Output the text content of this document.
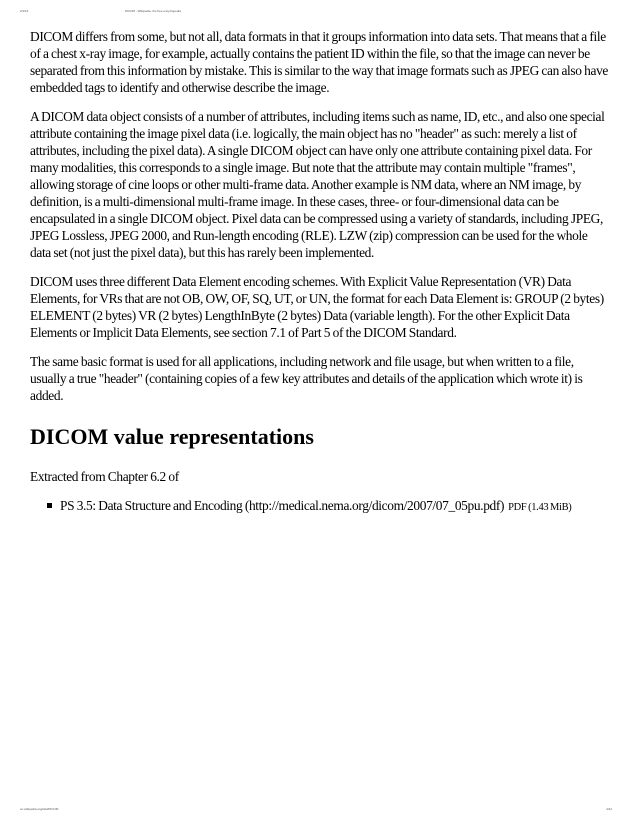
2/1/14	DICOM - Wikipedia, the free encyclopedia

DICOM differs from some, but not all, data formats in that it groups information into data sets. That means that a file of a chest x-ray image, for example, actually contains the patient ID within the file, so that the image can never be separated from this information by mistake. This is similar to the way that image formats such as JPEG can also have embedded tags to identify and otherwise describe the image.

A DICOM data object consists of a number of attributes, including items such as name, ID, etc., and also one special attribute containing the image pixel data (i.e. logically, the main object has no "header" as such: merely a list of attributes, including the pixel data). A single DICOM object can have only one attribute containing pixel data. For many modalities, this corresponds to a single image. But note that the attribute may contain multiple "frames", allowing storage of cine loops or other multi-frame data. Another example is NM data, where an NM image, by definition, is a multi-dimensional multi-frame image. In these cases, three- or four-dimensional data can be encapsulated in a single DICOM object. Pixel data can be compressed using a variety of standards, including JPEG, JPEG Lossless, JPEG 2000, and Run-length encoding (RLE). LZW (zip) compression can be used for the whole data set (not just the pixel data), but this has rarely been implemented.

DICOM uses three different Data Element encoding schemes. With Explicit Value Representation (VR) Data Elements, for VRs that are not OB, OW, OF, SQ, UT, or UN, the format for each Data Element is: GROUP (2 bytes) ELEMENT (2 bytes) VR (2 bytes) LengthInByte (2 bytes) Data (variable length). For the other Explicit Data Elements or Implicit Data Elements, see section 7.1 of Part 5 of the DICOM Standard.

The same basic format is used for all applications, including network and file usage, but when written to a file, usually a true "header" (containing copies of a few key attributes and details of the application which wrote it) is added.

DICOM value representations

Extracted from Chapter 6.2 of

PS 3.5: Data Structure and Encoding (http://medical.nema.org/dicom/2007/07_05pu.pdf) PDF (1.43 MiB)
en.wikipedia.org/wiki/DICOM	4/12
